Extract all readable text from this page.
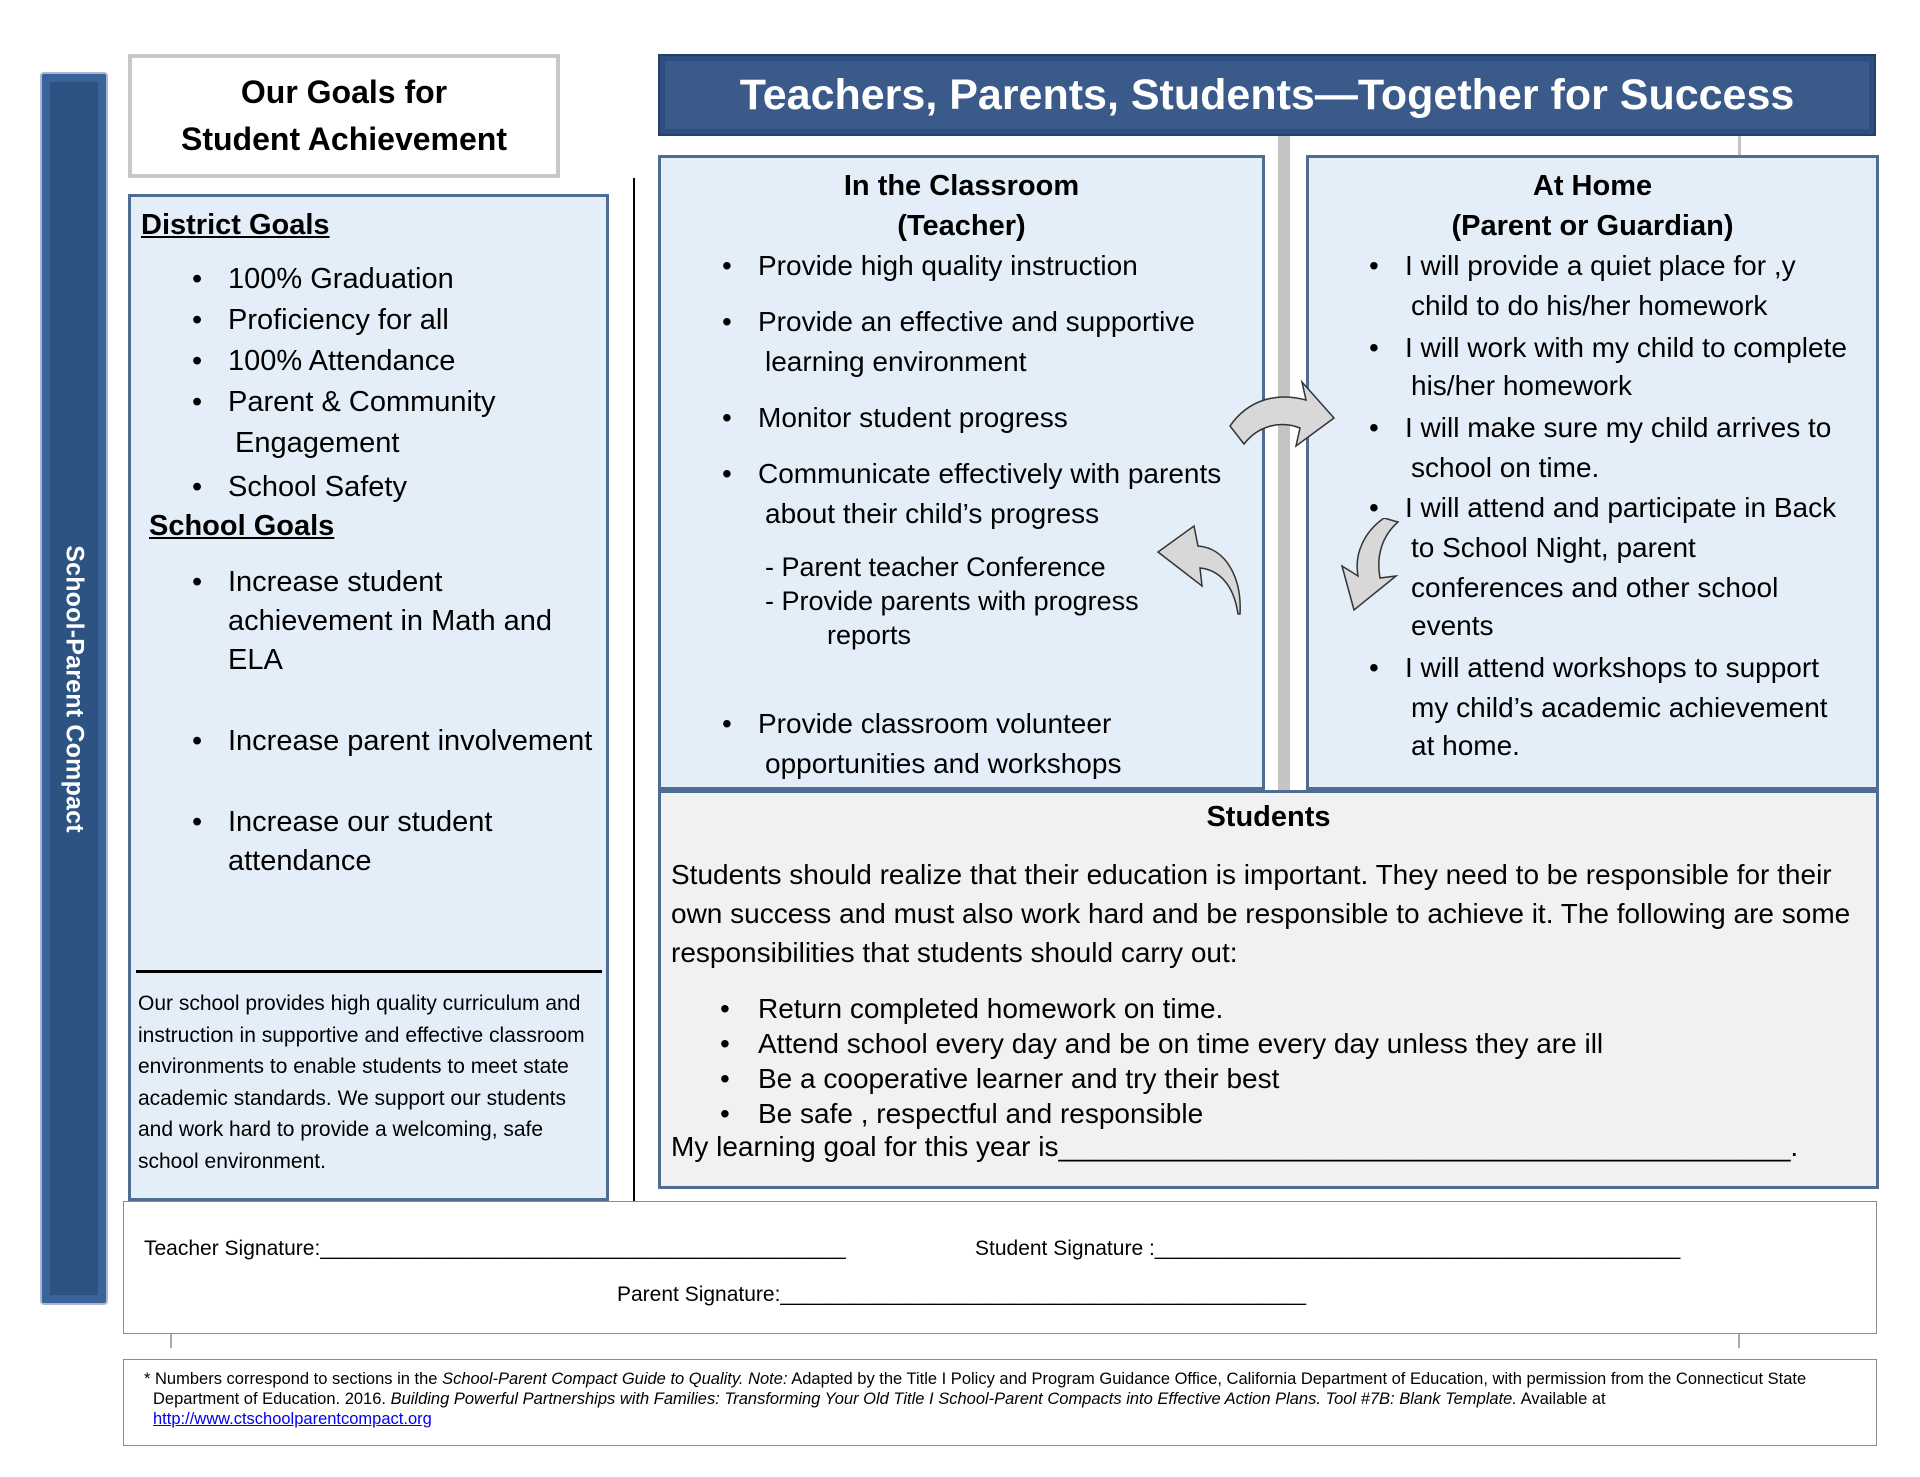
School-Parent Compact
Our Goals for
Student Achievement
District Goals
• 100% Graduation
• Proficiency for all
• 100% Attendance
• Parent & Community
Engagement
• School Safety
School Goals
• Increase student
achievement in Math and
ELA
• Increase parent involvement
• Increase our student
attendance
Our school provides high quality curriculum and instruction in supportive and effective classroom environments to enable students to meet state academic standards. We support our students and work hard to provide a welcoming, safe school environment.
Teachers, Parents, Students—Together for Success
In the Classroom
(Teacher)
• Provide high quality instruction
• Provide an effective and supportive
learning environment
• Monitor student progress
• Communicate effectively with parents
about their child’s progress
- Parent teacher Conference
- Provide parents with progress
reports
• Provide classroom volunteer
opportunities and workshops
At Home
(Parent or Guardian)
• I will provide a quiet place for ,y
child to do his/her homework
• I will work with my child to complete
his/her homework
• I will make sure my child arrives to
school on time.
• I will attend and participate in Back
to School Night, parent
conferences and other school
events
• I will attend workshops to support
my child’s academic achievement
at home.
Students
Students should realize that their education is important. They need to be responsible for their own success and must also work hard and be responsible to achieve it. The following are some responsibilities that students should carry out:
• Return completed homework on time.
• Attend school every day and be on time every day unless they are ill
• Be a cooperative learner and try their best
• Be safe , respectful and responsible
My learning goal for this year is_______________________________________________.
Teacher Signature:_____________________________________________	Student Signature :_____________________________________________
Parent Signature:_____________________________________________
* Numbers correspond to sections in the School-Parent Compact Guide to Quality. Note: Adapted by the Title I Policy and Program Guidance Office, California Department of Education, with permission from the Connecticut State Department of Education. 2016. Building Powerful Partnerships with Families: Transforming Your Old Title I School-Parent Compacts into Effective Action Plans. Tool #7B: Blank Template. Available at
http://www.ctschoolparentcompact.org
